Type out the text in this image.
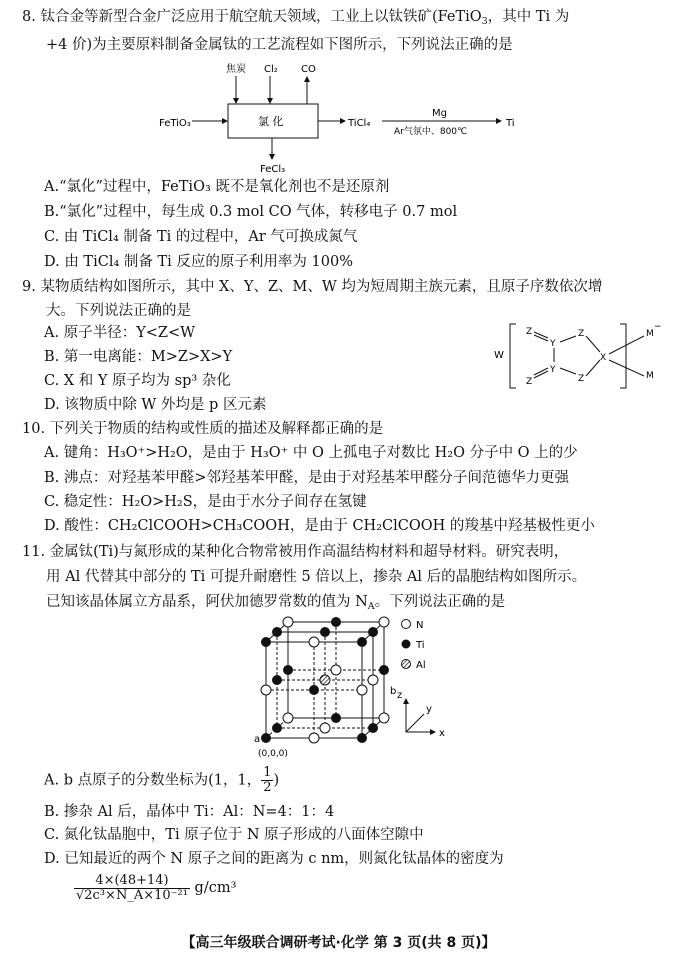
8. 钛合金等新型合金广泛应用于航空航天领域，工业上以钛铁矿(FeTiO$_3$，其中 Ti 为
+4 价)为主要原料制备金属钛的工艺流程如下图所示，下列说法正确的是
焦炭 Cl₂ CO
氯 化
FeTiO₃	TiCl₄
Mg
Ar气氛中、800℃
Ti
FeCl₃
A.“氯化”过程中，FeTiO₃ 既不是氧化剂也不是还原剂
B.“氯化”过程中，每生成 0.3 mol CO 气体，转移电子 0.7 mol
C. 由 TiCl₄ 制备 Ti 的过程中，Ar 气可换成氮气
D. 由 TiCl₄ 制备 Ti 反应的原子利用率为 100%
9. 某物质结构如图所示，其中 X、Y、Z、M、W 均为短周期主族元素，且原子序数依次增
大。下列说法正确的是
A. 原子半径：Y<Z<W
B. 第一电离能：M>Z>X>Y
C. X 和 Y 原子均为 sp³ 杂化
D. 该物质中除 W 外均是 p 区元素
W
Z
Y
Y
Z
Z
Z
X
M
−
M
10. 下列关于物质的结构或性质的描述及解释都正确的是
A. 键角：H₃O⁺>H₂O，是由于 H₃O⁺ 中 O 上孤电子对数比 H₂O 分子中 O 上的少
B. 沸点：对羟基苯甲醛>邻羟基苯甲醛，是由于对羟基苯甲醛分子间范德华力更强
C. 稳定性：H₂O>H₂S，是由于水分子间存在氢键
D. 酸性：CH₂ClCOOH>CH₃COOH，是由于 CH₂ClCOOH 的羧基中羟基极性更小
11. 金属钛(Ti)与氮形成的某种化合物常被用作高温结构材料和超导材料。研究表明，
用 Al 代替其中部分的 Ti 可提升耐磨性 5 倍以上，掺杂 Al 后的晶胞结构如图所示。
已知该晶体属立方晶系，阿伏加德罗常数的值为 $N_A$。下列说法正确的是
a
(0,0,0)
b
N
Ti
Al
x
z
y
A. b 点原子的分数坐标为(1，1， $\frac{1}{2}$ )
B. 掺杂 Al 后，晶体中 Ti：Al：N=4：1：4
C. 氮化钛晶胞中，Ti 原子位于 N 原子形成的八面体空隙中
D. 已知最近的两个 N 原子之间的距离为 c nm，则氮化钛晶体的密度为
$\frac{4\times(48+14)}{\text{√2c³×N\_A×10⁻²¹}} g/cm^3$
【高三年级联合调研考试·化学 第 3 页(共 8 页)】
